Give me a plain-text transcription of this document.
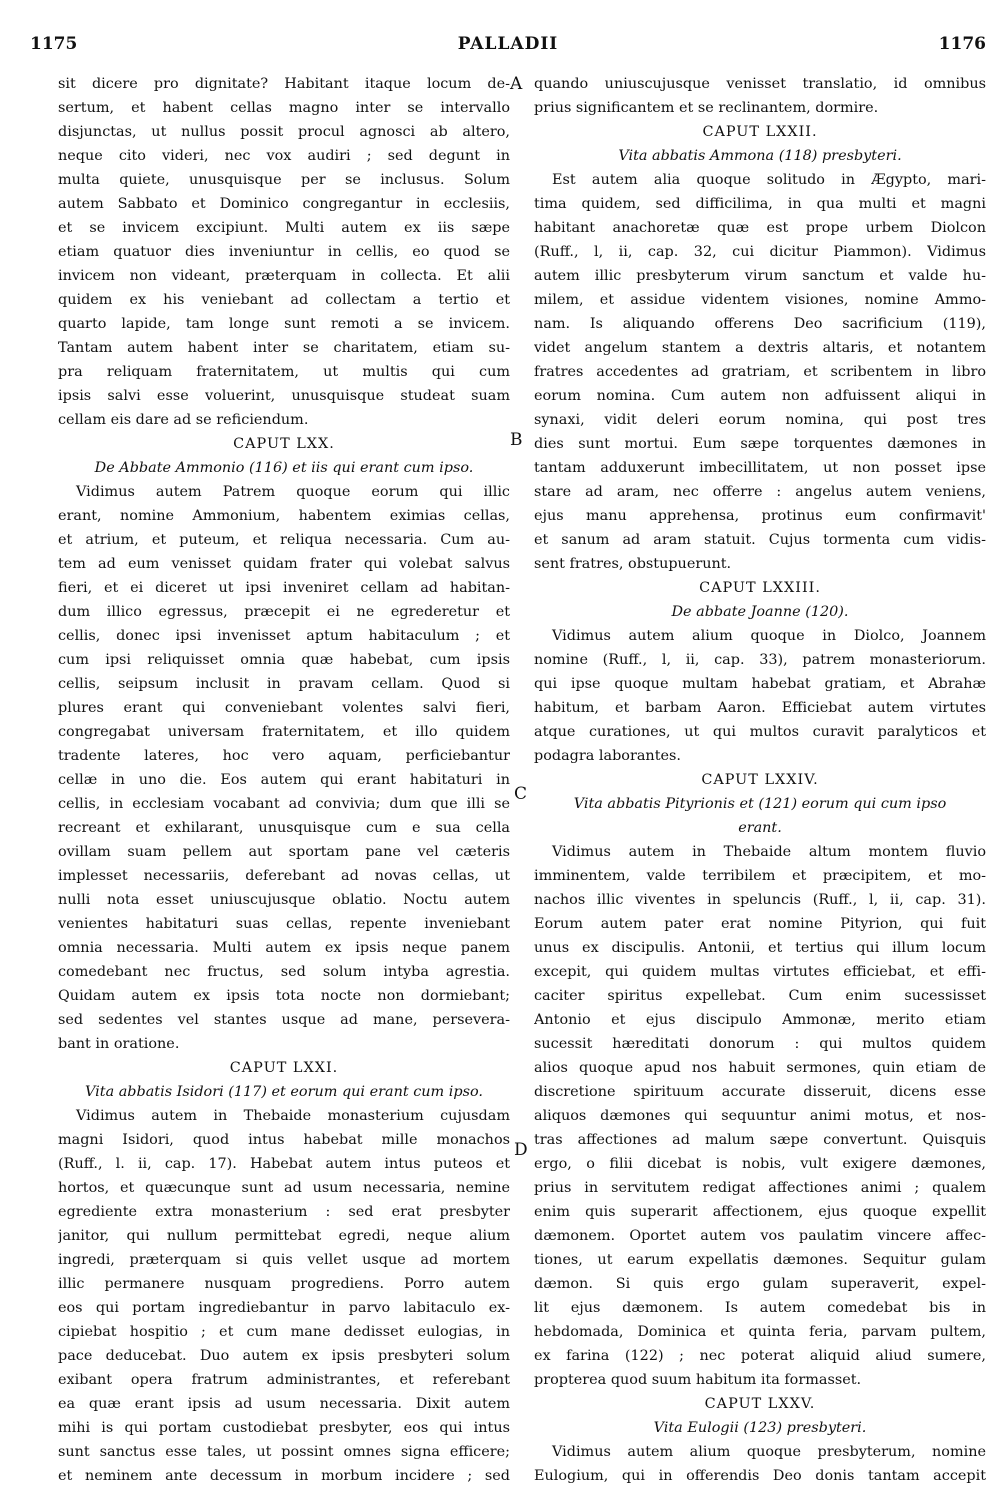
1175	PALLADII	1176
A
B
C
D
sit dicere pro dignitate? Habitant itaque locum de-
sertum, et habent cellas magno inter se intervallo
disjunctas, ut nullus possit procul agnosci ab altero,
neque cito videri, nec vox audiri ; sed degunt in
multa quiete, unusquisque per se inclusus. Solum
autem Sabbato et Dominico congregantur in ecclesiis,
et se invicem excipiunt. Multi autem ex iis sæpe
etiam quatuor dies inveniuntur in cellis, eo quod se
invicem non videant, præterquam in collecta. Et alii
quidem ex his veniebant ad collectam a tertio et
quarto lapide, tam longe sunt remoti a se invicem.
Tantam autem habent inter se charitatem, etiam su-
pra reliquam fraternitatem, ut multis qui cum
ipsis salvi esse voluerint, unusquisque studeat suam
cellam eis dare ad se reficiendum.
CAPUT LXX.
De Abbate Ammonio (116) et iis qui erant cum ipso.
Vidimus autem Patrem quoque eorum qui illic
erant, nomine Ammonium, habentem eximias cellas,
et atrium, et puteum, et reliqua necessaria. Cum au-
tem ad eum venisset quidam frater qui volebat salvus
fieri, et ei diceret ut ipsi inveniret cellam ad habitan-
dum illico egressus, præcepit ei ne egrederetur et
cellis, donec ipsi invenisset aptum habitaculum ; et
cum ipsi reliquisset omnia quæ habebat, cum ipsis
cellis, seipsum inclusit in pravam cellam. Quod si
plures erant qui conveniebant volentes salvi fieri,
congregabat universam fraternitatem, et illo quidem
tradente lateres, hoc vero aquam, perficiebantur
cellæ in uno die. Eos autem qui erant habitaturi in
cellis, in ecclesiam vocabant ad convivia; dum que illi se
recreant et exhilarant, unusquisque cum e sua cella
ovillam suam pellem aut sportam pane vel cæteris
implesset necessariis, deferebant ad novas cellas, ut
nulli nota esset uniuscujusque oblatio. Noctu autem
venientes habitaturi suas cellas, repente inveniebant
omnia necessaria. Multi autem ex ipsis neque panem
comedebant nec fructus, sed solum intyba agrestia.
Quidam autem ex ipsis tota nocte non dormiebant;
sed sedentes vel stantes usque ad mane, persevera-
bant in oratione.
CAPUT LXXI.
Vita abbatis Isidori (117) et eorum qui erant cum ipso.
Vidimus autem in Thebaide monasterium cujusdam
magni Isidori, quod intus habebat mille monachos
(Ruff., l. ii, cap. 17). Habebat autem intus puteos et
hortos, et quæcunque sunt ad usum necessaria, nemine
egrediente extra monasterium : sed erat presbyter
janitor, qui nullum permittebat egredi, neque alium
ingredi, præterquam si quis vellet usque ad mortem
illic permanere nusquam progrediens. Porro autem
eos qui portam ingrediebantur in parvo labitaculo ex-
cipiebat hospitio ; et cum mane dedisset eulogias, in
pace deducebat. Duo autem ex ipsis presbyteri solum
exibant opera fratrum administrantes, et referebant
ea quæ erant ipsis ad usum necessaria. Dixit autem
mihi is qui portam custodiebat presbyter, eos qui intus
sunt sanctus esse tales, ut possint omnes signa efficere;
et neminem ante decessum in morbum incidere ; sed
quando uniuscujusque venisset translatio, id omnibus
prius significantem et se reclinantem, dormire.
CAPUT LXXII.
Vita abbatis Ammona (118) presbyteri.
Est autem alia quoque solitudo in Ægypto, mari-
tima quidem, sed difficilima, in qua multi et magni
habitant anachoretæ quæ est prope urbem Diolcon
(Ruff., l, ii, cap. 32, cui dicitur Piammon). Vidimus
autem illic presbyterum virum sanctum et valde hu-
milem, et assidue videntem visiones, nomine Ammo-
nam. Is aliquando offerens Deo sacrificium (119),
videt angelum stantem a dextris altaris, et notantem
fratres accedentes ad gratriam, et scribentem in libro
eorum nomina. Cum autem non adfuissent aliqui in
synaxi, vidit deleri eorum nomina, qui post tres
dies sunt mortui. Eum sæpe torquentes dæmones in
tantam adduxerunt imbecillitatem, ut non posset ipse
stare ad aram, nec offerre : angelus autem veniens,
ejus manu apprehensa, protinus eum confirmavit'
et sanum ad aram statuit. Cujus tormenta cum vidis-
sent fratres, obstupuerunt.
CAPUT LXXIII.
De abbate Joanne (120).
Vidimus autem alium quoque in Diolco, Joannem
nomine (Ruff., l, ii, cap. 33), patrem monasteriorum.
qui ipse quoque multam habebat gratiam, et Abrahæ
habitum, et barbam Aaron. Efficiebat autem virtutes
atque curationes, ut qui multos curavit paralyticos et
podagra laborantes.
CAPUT LXXIV.
Vita abbatis Pityrionis et (121) eorum qui cum ipso
erant.
Vidimus autem in Thebaide altum montem fluvio
imminentem, valde terribilem et præcipitem, et mo-
nachos illic viventes in speluncis (Ruff., l, ii, cap. 31).
Eorum autem pater erat nomine Pityrion, qui fuit
unus ex discipulis. Antonii, et tertius qui illum locum
excepit, qui quidem multas virtutes efficiebat, et effi-
caciter spiritus expellebat. Cum enim sucessisset
Antonio et ejus discipulo Ammonæ, merito etiam
sucessit hæreditati donorum : qui multos quidem
alios quoque apud nos habuit sermones, quin etiam de
discretione spirituum accurate disseruit, dicens esse
aliquos dæmones qui sequuntur animi motus, et nos-
tras affectiones ad malum sæpe convertunt. Quisquis
ergo, o filii dicebat is nobis, vult exigere dæmones,
prius in servitutem redigat affectiones animi ; qualem
enim quis superarit affectionem, ejus quoque expellit
dæmonem. Oportet autem vos paulatim vincere affec-
tiones, ut earum expellatis dæmones. Sequitur gulam
dæmon. Si quis ergo gulam superaverit, expel-
lit ejus dæmonem. Is autem comedebat bis in
hebdomada, Dominica et quinta feria, parvam pultem,
ex farina (122) ; nec poterat aliquid aliud sumere,
propterea quod suum habitum ita formasset.
CAPUT LXXV.
Vita Eulogii (123) presbyteri.
Vidimus autem alium quoque presbyterum, nomine
Eulogium, qui in offerendis Deo donis tantam accepit
